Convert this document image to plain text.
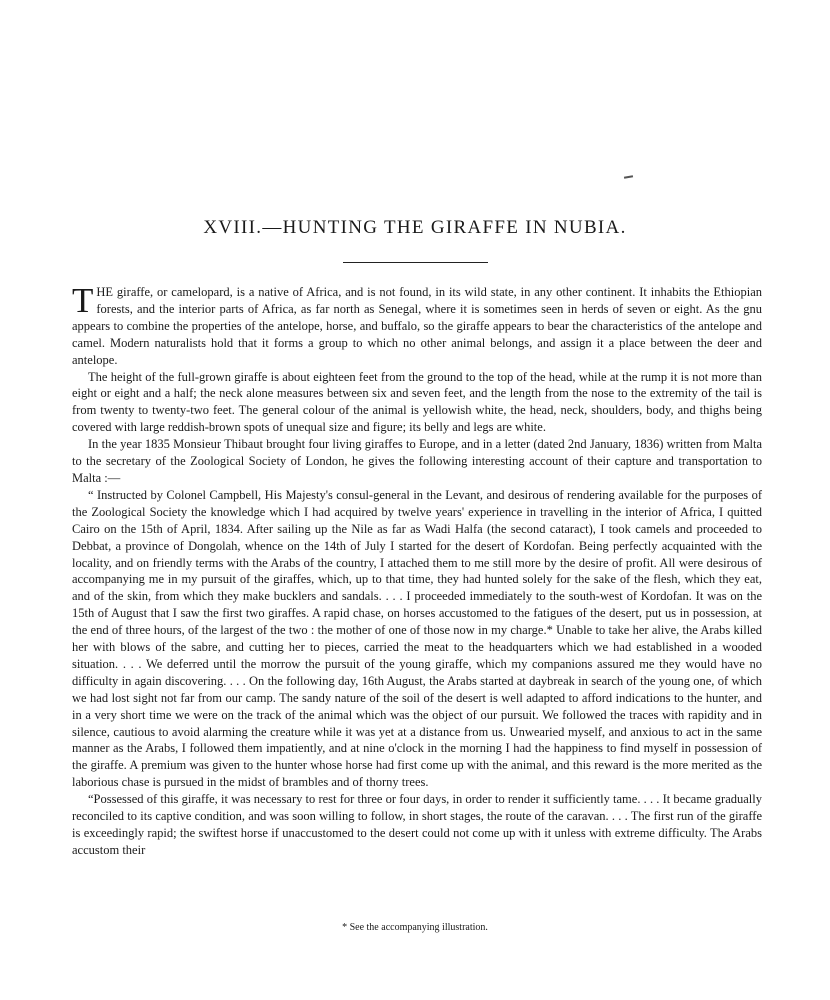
XVIII.—HUNTING THE GIRAFFE IN NUBIA.

THE giraffe, or camelopard, is a native of Africa, and is not found, in its wild state, in any other continent. It inhabits the Ethiopian forests, and the interior parts of Africa, as far north as Senegal, where it is sometimes seen in herds of seven or eight. As the gnu appears to combine the properties of the antelope, horse, and buffalo, so the giraffe appears to bear the characteristics of the antelope and camel. Modern naturalists hold that it forms a group to which no other animal belongs, and assign it a place between the deer and antelope.

The height of the full-grown giraffe is about eighteen feet from the ground to the top of the head, while at the rump it is not more than eight or eight and a half; the neck alone measures between six and seven feet, and the length from the nose to the extremity of the tail is from twenty to twenty-two feet. The general colour of the animal is yellowish white, the head, neck, shoulders, body, and thighs being covered with large reddish-brown spots of unequal size and figure; its belly and legs are white.

In the year 1835 Monsieur Thibaut brought four living giraffes to Europe, and in a letter (dated 2nd January, 1836) written from Malta to the secretary of the Zoological Society of London, he gives the following interesting account of their capture and transportation to Malta :—

“ Instructed by Colonel Campbell, His Majesty's consul-general in the Levant, and desirous of rendering available for the purposes of the Zoological Society the knowledge which I had acquired by twelve years' experience in travelling in the interior of Africa, I quitted Cairo on the 15th of April, 1834. After sailing up the Nile as far as Wadi Halfa (the second cataract), I took camels and proceeded to Debbat, a province of Dongolah, whence on the 14th of July I started for the desert of Kordofan. Being perfectly acquainted with the locality, and on friendly terms with the Arabs of the country, I attached them to me still more by the desire of profit. All were desirous of accompanying me in my pursuit of the giraffes, which, up to that time, they had hunted solely for the sake of the flesh, which they eat, and of the skin, from which they make bucklers and sandals. . . . I proceeded immediately to the south-west of Kordofan. It was on the 15th of August that I saw the first two giraffes. A rapid chase, on horses accustomed to the fatigues of the desert, put us in possession, at the end of three hours, of the largest of the two : the mother of one of those now in my charge.* Unable to take her alive, the Arabs killed her with blows of the sabre, and cutting her to pieces, carried the meat to the headquarters which we had established in a wooded situation. . . . We deferred until the morrow the pursuit of the young giraffe, which my companions assured me they would have no difficulty in again discovering. . . . On the following day, 16th August, the Arabs started at daybreak in search of the young one, of which we had lost sight not far from our camp. The sandy nature of the soil of the desert is well adapted to afford indications to the hunter, and in a very short time we were on the track of the animal which was the object of our pursuit. We followed the traces with rapidity and in silence, cautious to avoid alarming the creature while it was yet at a distance from us. Unwearied myself, and anxious to act in the same manner as the Arabs, I followed them impatiently, and at nine o'clock in the morning I had the happiness to find myself in possession of the giraffe. A premium was given to the hunter whose horse had first come up with the animal, and this reward is the more merited as the laborious chase is pursued in the midst of brambles and of thorny trees.

“Possessed of this giraffe, it was necessary to rest for three or four days, in order to render it sufficiently tame. . . . It became gradually reconciled to its captive condition, and was soon willing to follow, in short stages, the route of the caravan. . . . The first run of the giraffe is exceedingly rapid; the swiftest horse if unaccustomed to the desert could not come up with it unless with extreme difficulty. The Arabs accustom their

* See the accompanying illustration.
